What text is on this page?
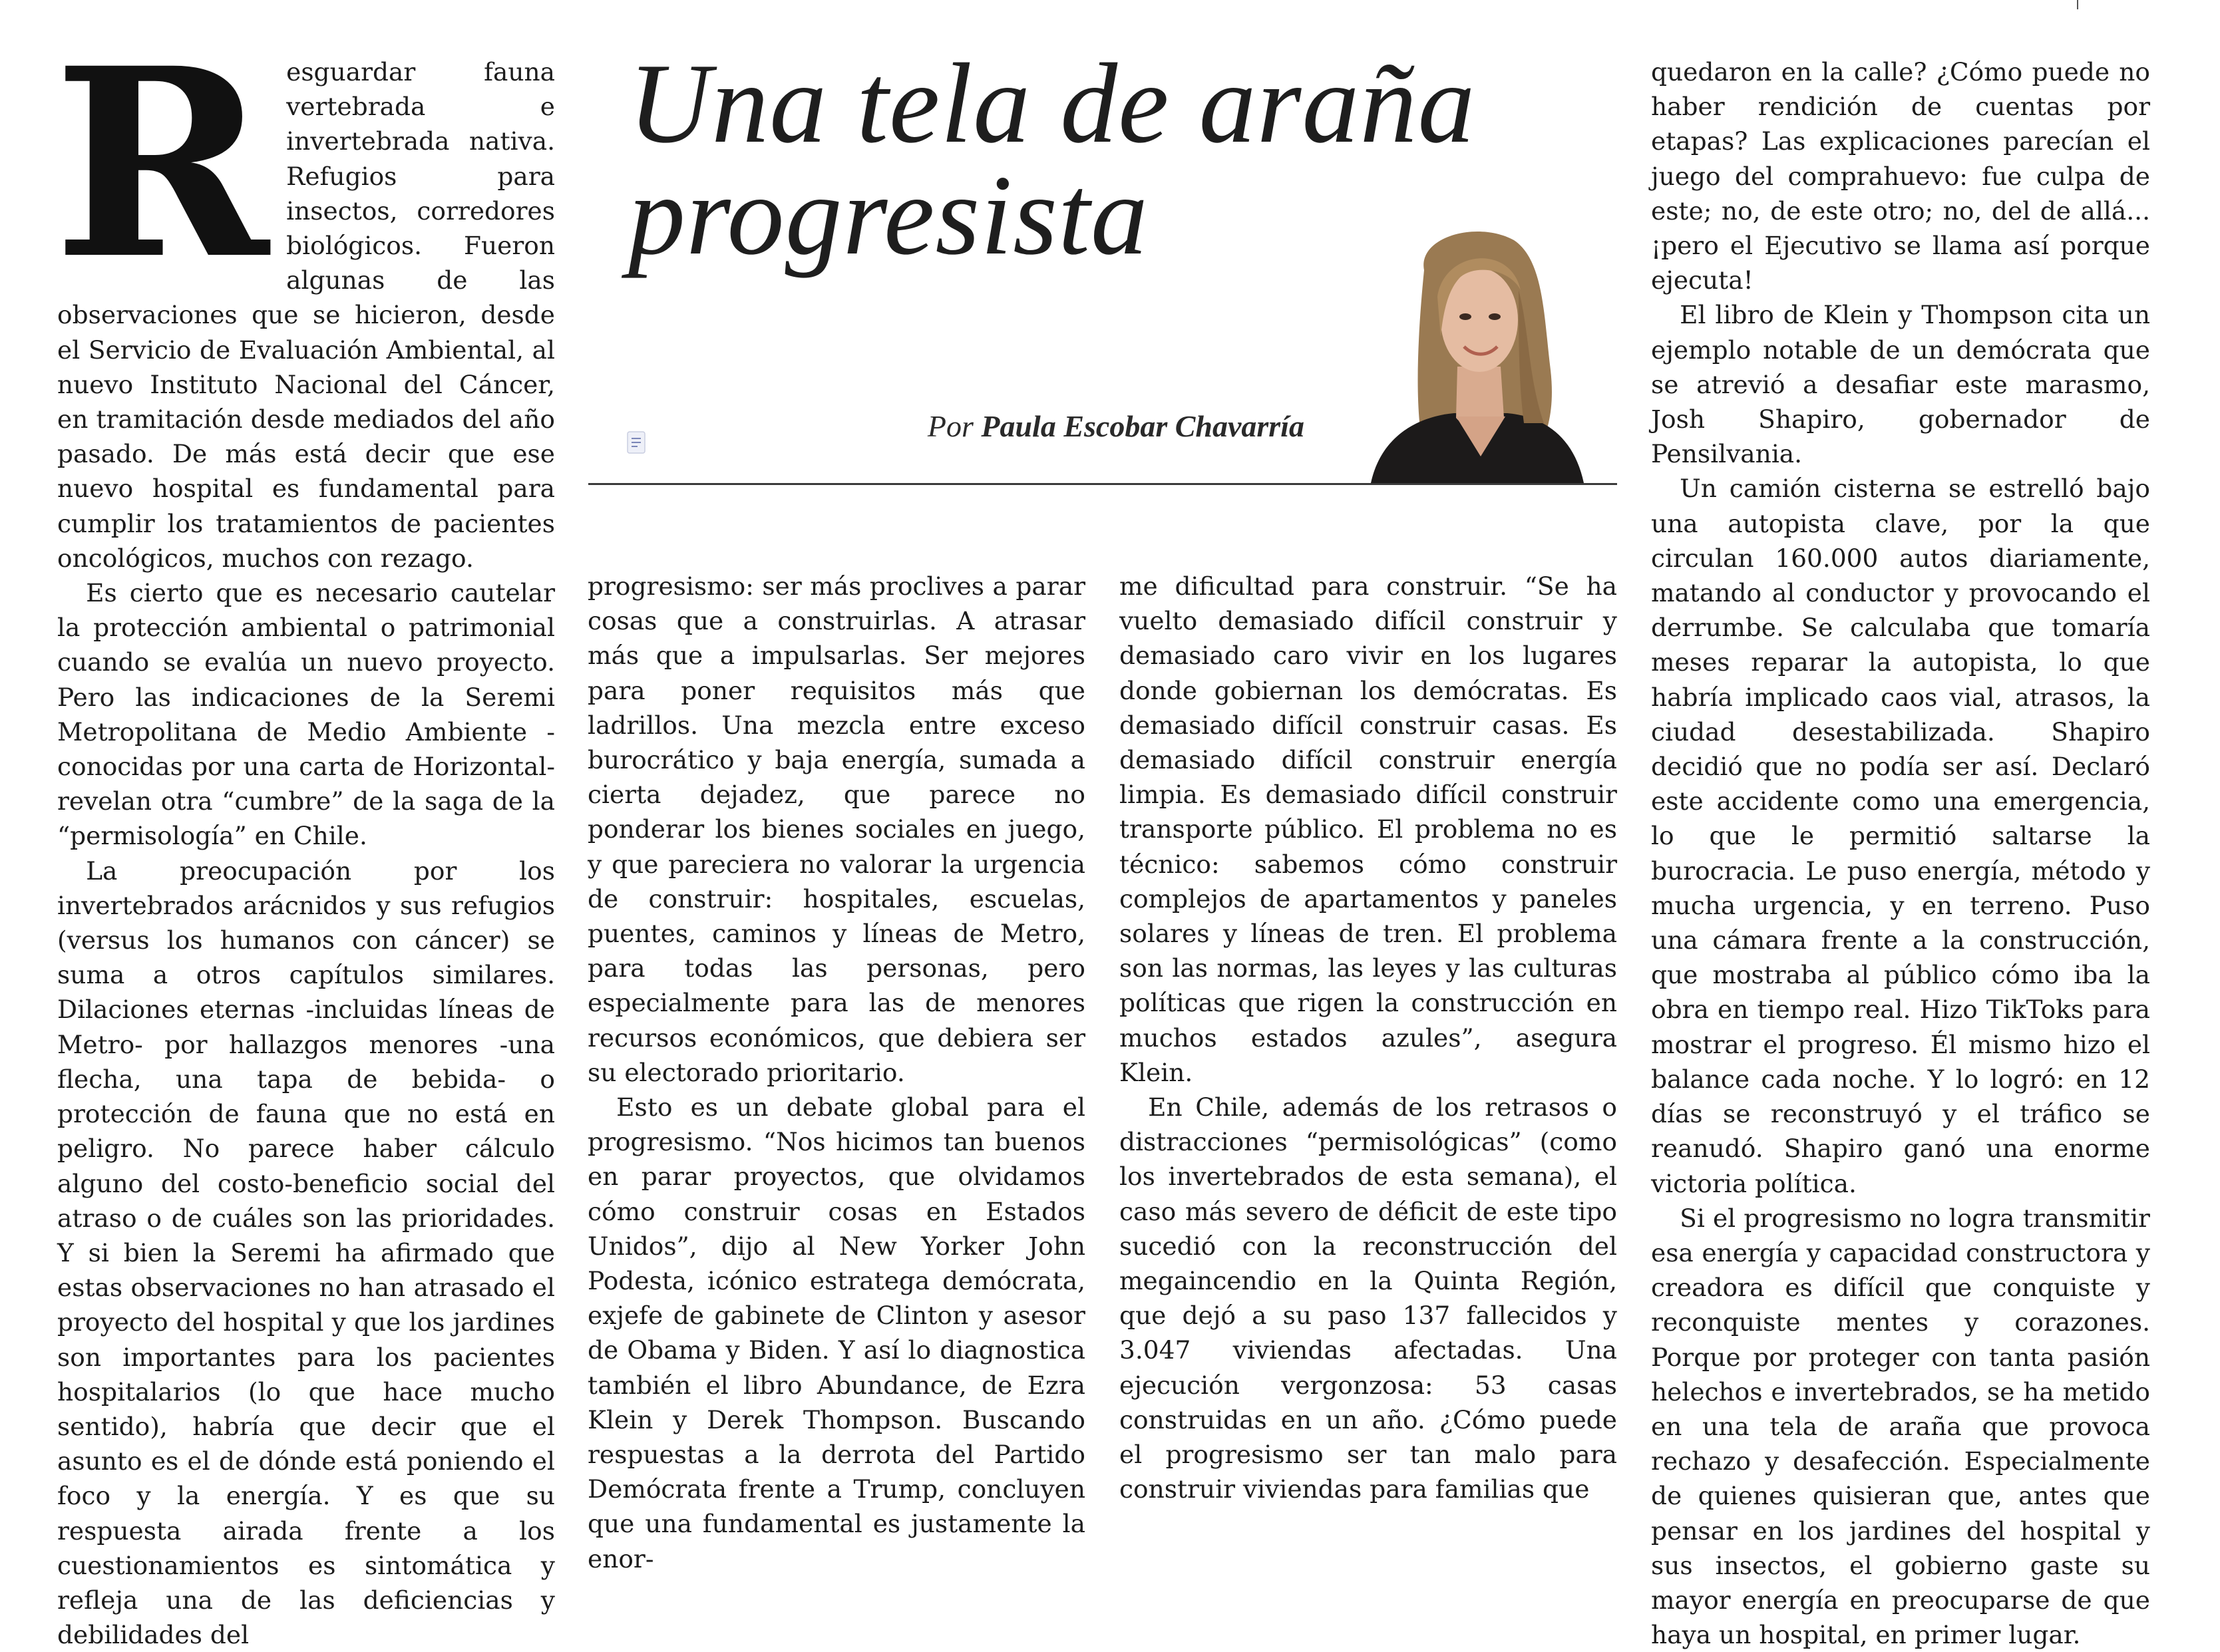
Una tela de araña progresista
Por Paula Escobar Chavarría

Resguardar fauna vertebrada e invertebrada nativa. Refugios para insectos, corredores biológicos. Fueron algunas de las observaciones que se hicieron, desde el Servicio de Evaluación Ambiental, al nuevo Instituto Nacional del Cáncer, en tramitación desde mediados del año pasado. De más está decir que ese nuevo hospital es fundamental para cumplir los tratamientos de pacientes oncológicos, muchos con rezago.

Es cierto que es necesario cautelar la protección ambiental o patrimonial cuando se evalúa un nuevo proyecto. Pero las indicaciones de la Seremi Metropolitana de Medio Ambiente -conocidas por una carta de Horizontal- revelan otra “cumbre” de la saga de la “permisología” en Chile.

La preocupación por los invertebrados arácnidos y sus refugios (versus los humanos con cáncer) se suma a otros capítulos similares. Dilaciones eternas -incluidas líneas de Metro- por hallazgos menores -una flecha, una tapa de bebida- o protección de fauna que no está en peligro. No parece haber cálculo alguno del costo-beneficio social del atraso o de cuáles son las prioridades. Y si bien la Seremi ha afirmado que estas observaciones no han atrasado el proyecto del hospital y que los jardines son importantes para los pacientes hospitalarios (lo que hace mucho sentido), habría que decir que el asunto es el de dónde está poniendo el foco y la energía. Y es que su respuesta airada frente a los cuestionamientos es sintomática y refleja una de las deficiencias y debilidades del

progresismo: ser más proclives a parar cosas que a construirlas. A atrasar más que a impulsarlas. Ser mejores para poner requisitos más que ladrillos. Una mezcla entre exceso burocrático y baja energía, sumada a cierta dejadez, que parece no ponderar los bienes sociales en juego, y que pareciera no valorar la urgencia de construir: hospitales, escuelas, puentes, caminos y líneas de Metro, para todas las personas, pero especialmente para las de menores recursos económicos, que debiera ser su electorado prioritario.

Esto es un debate global para el progresismo. “Nos hicimos tan buenos en parar proyectos, que olvidamos cómo construir cosas en Estados Unidos”, dijo al New Yorker John Podesta, icónico estratega demócrata, exjefe de gabinete de Clinton y asesor de Obama y Biden. Y así lo diagnostica también el libro Abundance, de Ezra Klein y Derek Thompson. Buscando respuestas a la derrota del Partido Demócrata frente a Trump, concluyen que una fundamental es justamente la enor-

me dificultad para construir. “Se ha vuelto demasiado difícil construir y demasiado caro vivir en los lugares donde gobiernan los demócratas. Es demasiado difícil construir casas. Es demasiado difícil construir energía limpia. Es demasiado difícil construir transporte público. El problema no es técnico: sabemos cómo construir complejos de apartamentos y paneles solares y líneas de tren. El problema son las normas, las leyes y las culturas políticas que rigen la construcción en muchos estados azules”, asegura Klein.

En Chile, además de los retrasos o distracciones “permisológicas” (como los invertebrados de esta semana), el caso más severo de déficit de este tipo sucedió con la reconstrucción del megaincendio en la Quinta Región, que dejó a su paso 137 fallecidos y 3.047 viviendas afectadas. Una ejecución vergonzosa: 53 casas construidas en un año. ¿Cómo puede el progresismo ser tan malo para construir viviendas para familias que

quedaron en la calle? ¿Cómo puede no haber rendición de cuentas por etapas? Las explicaciones parecían el juego del comprahuevo: fue culpa de este; no, de este otro; no, del de allá... ¡pero el Ejecutivo se llama así porque ejecuta!

El libro de Klein y Thompson cita un ejemplo notable de un demócrata que se atrevió a desafiar este marasmo, Josh Shapiro, gobernador de Pensilvania.

Un camión cisterna se estrelló bajo una autopista clave, por la que circulan 160.000 autos diariamente, matando al conductor y provocando el derrumbe. Se calculaba que tomaría meses reparar la autopista, lo que habría implicado caos vial, atrasos, la ciudad desestabilizada. Shapiro decidió que no podía ser así. Declaró este accidente como una emergencia, lo que le permitió saltarse la burocracia. Le puso energía, método y mucha urgencia, y en terreno. Puso una cámara frente a la construcción, que mostraba al público cómo iba la obra en tiempo real. Hizo TikToks para mostrar el progreso. Él mismo hizo el balance cada noche. Y lo logró: en 12 días se reconstruyó y el tráfico se reanudó. Shapiro ganó una enorme victoria política.

Si el progresismo no logra transmitir esa energía y capacidad constructora y creadora es difícil que conquiste y reconquiste mentes y corazones. Porque por proteger con tanta pasión helechos e invertebrados, se ha metido en una tela de araña que provoca rechazo y desafección. Especialmente de quienes quisieran que, antes que pensar en los jardines del hospital y sus insectos, el gobierno gaste su mayor energía en preocuparse de que haya un hospital, en primer lugar.
